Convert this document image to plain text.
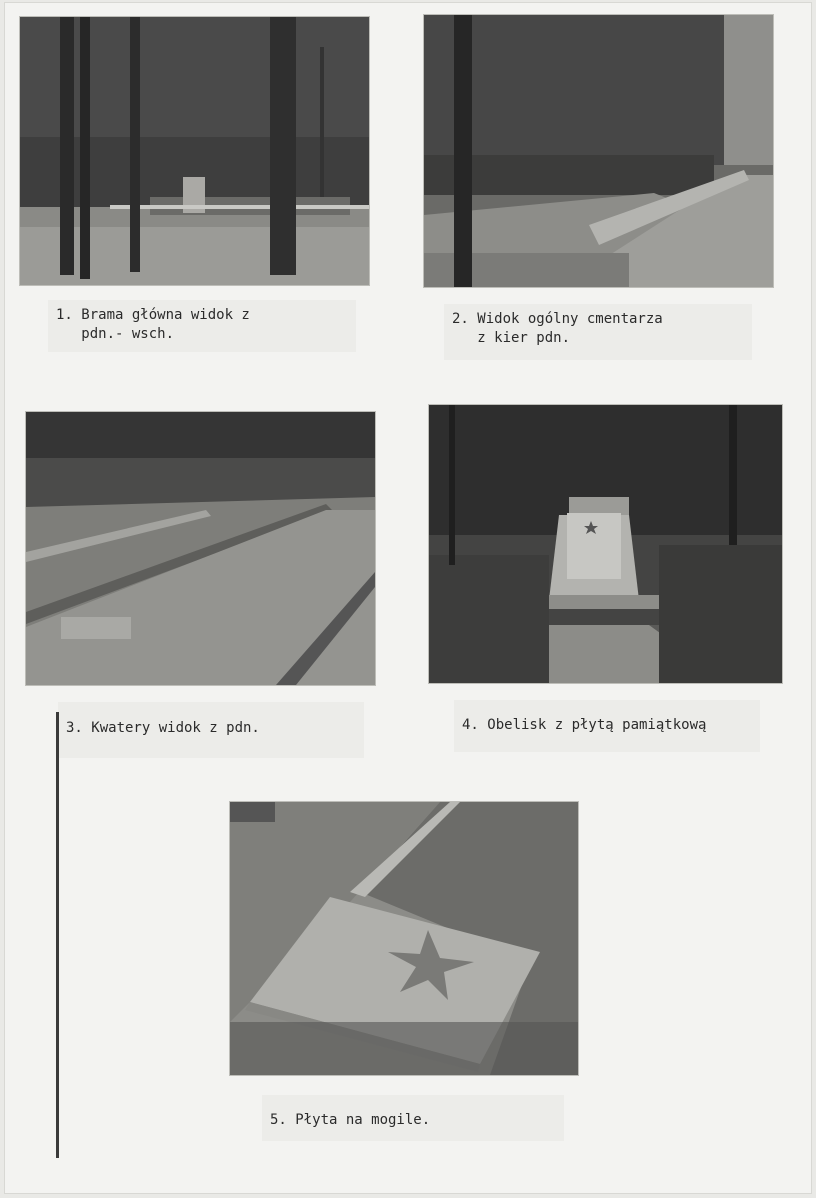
1. Brama główna widok z
pdn.- wsch.
2. Widok ogólny cmentarza
z kier pdn.
3. Kwatery widok z pdn.	4. Obelisk z płytą pamiątkową
5. Płyta na mogile.
